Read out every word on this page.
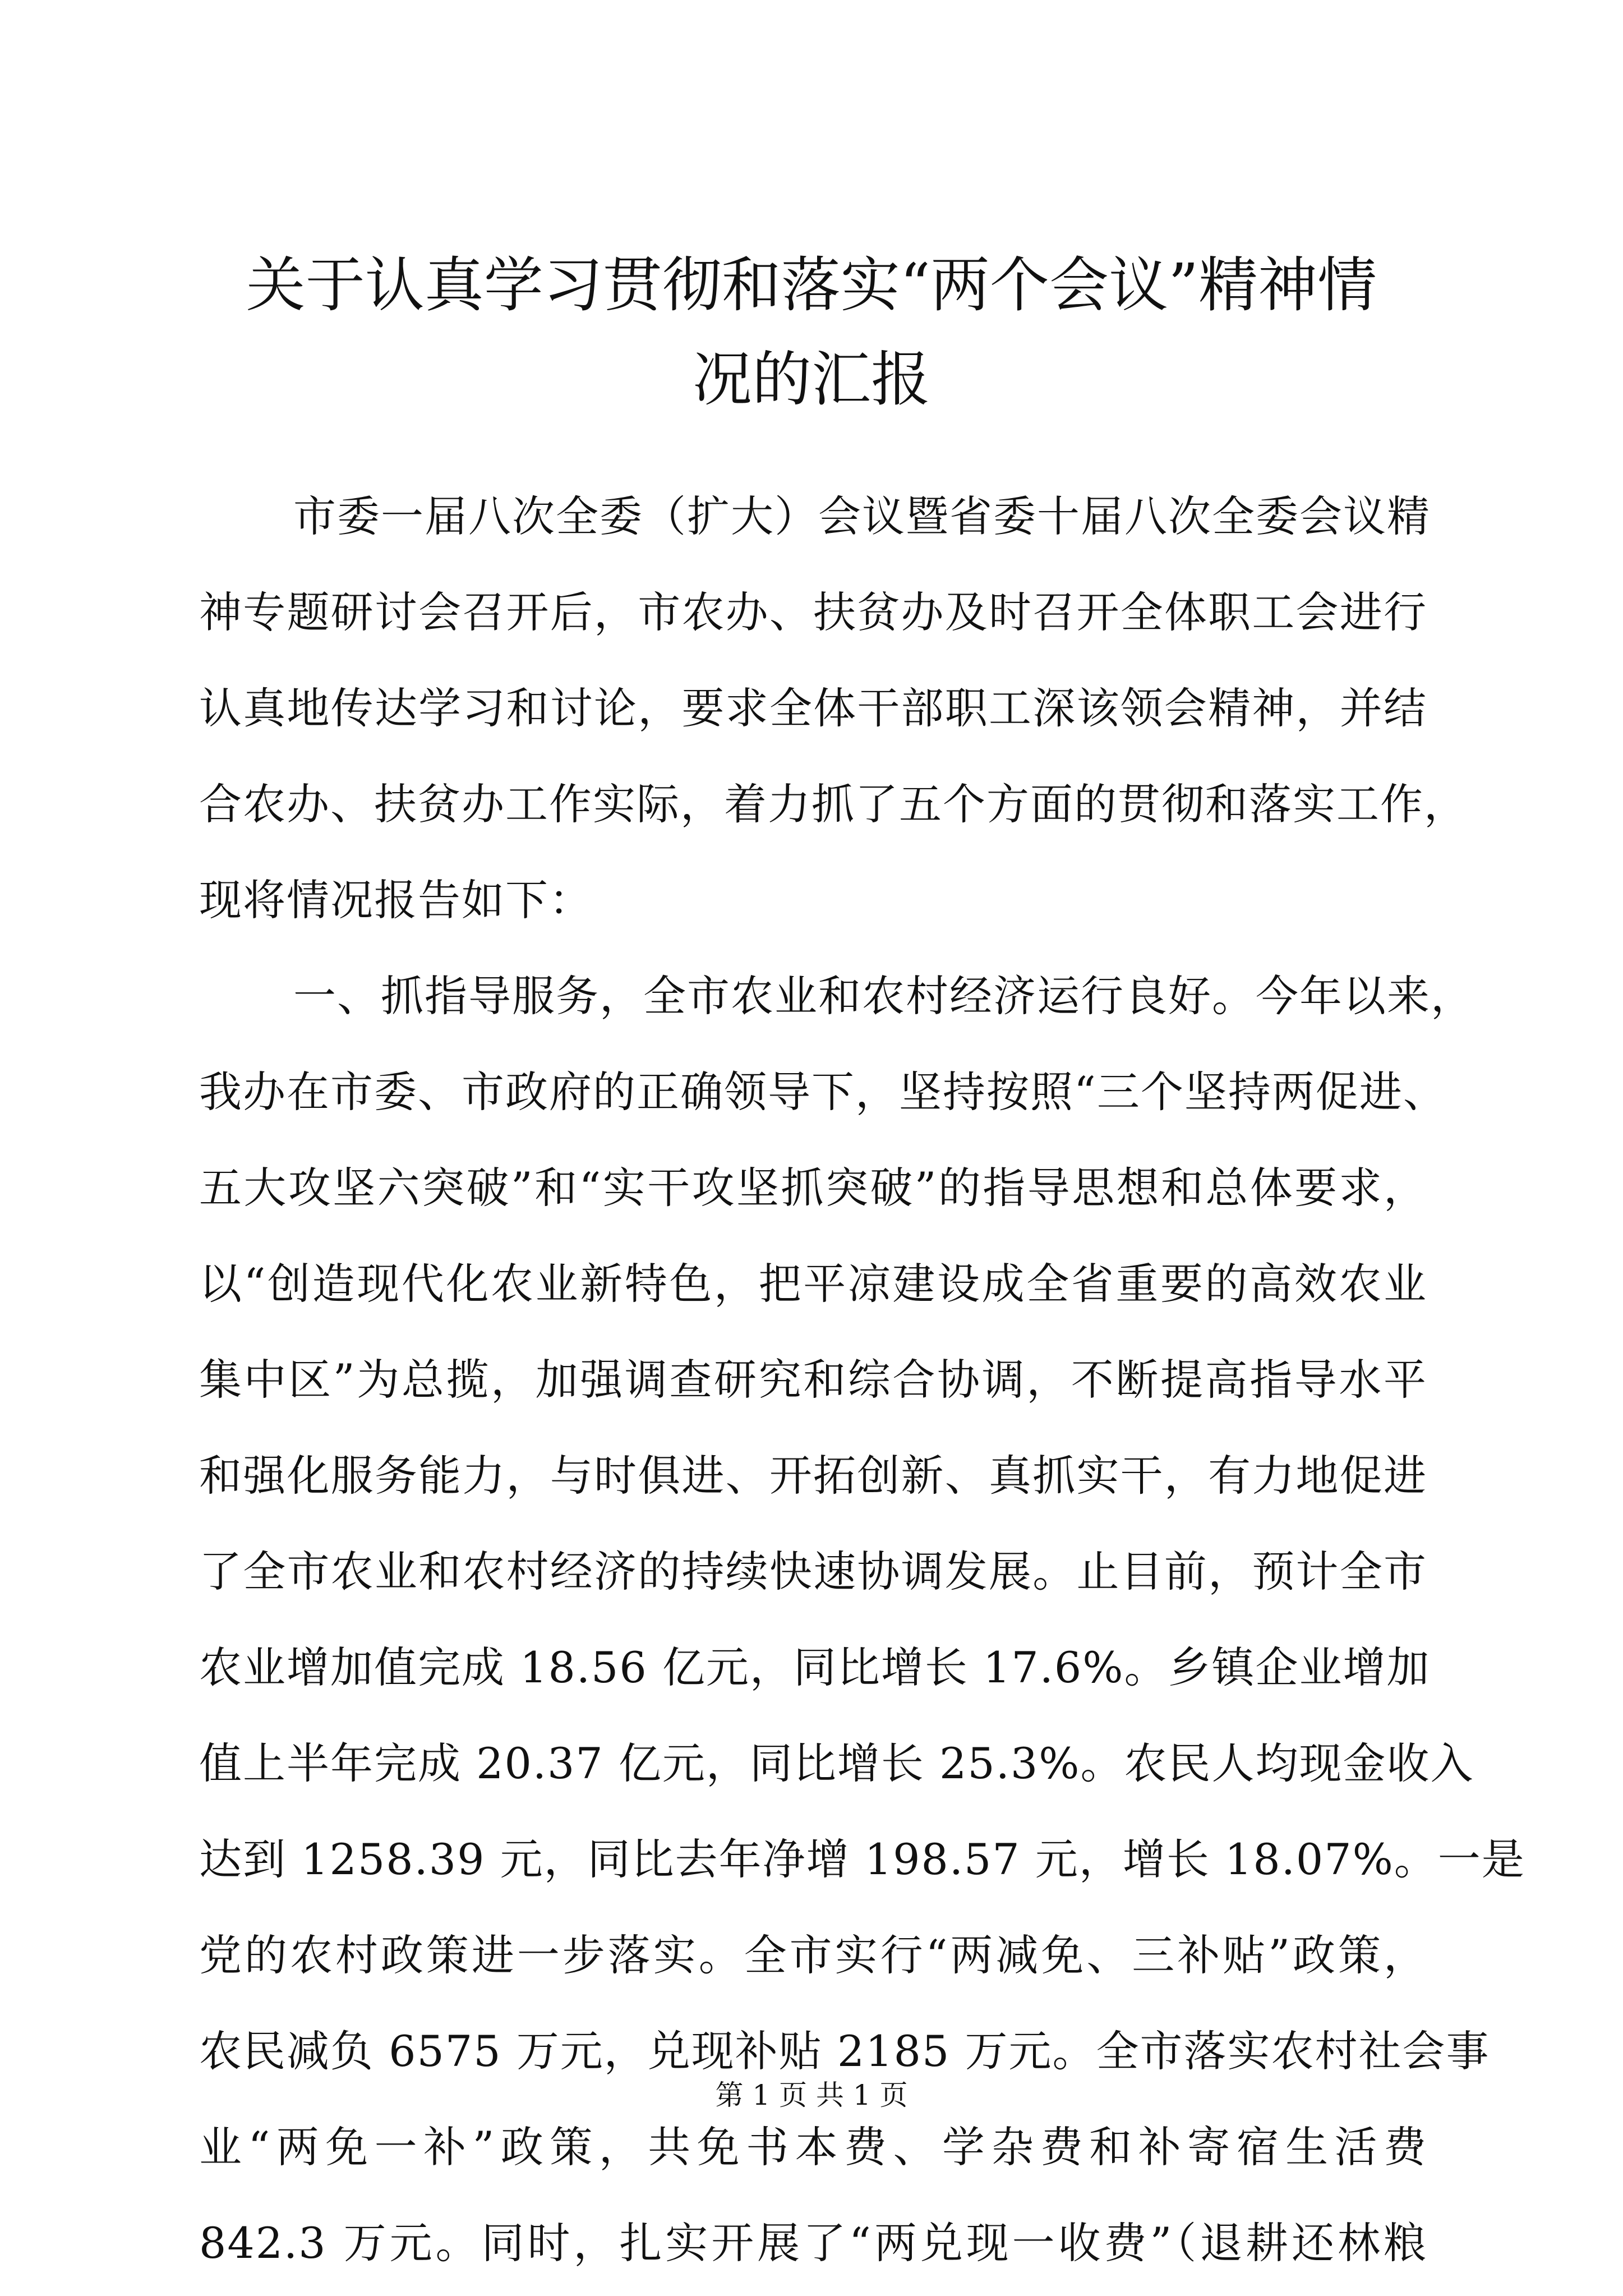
关于认真学习贯彻和落实“两个会议”精神情
况的汇报
市委一届八次全委（扩大）会议暨省委十届八次全委会议精
神专题研讨会召开后，市农办、扶贫办及时召开全体职工会进行
认真地传达学习和讨论，要求全体干部职工深该领会精神，并结
合农办、扶贫办工作实际，着力抓了五个方面的贯彻和落实工作，
现将情况报告如下：
一、抓指导服务，全市农业和农村经济运行良好。今年以来，
我办在市委、市政府的正确领导下，坚持按照“三个坚持两促进、
五大攻坚六突破”和“实干攻坚抓突破”的指导思想和总体要求，
以“创造现代化农业新特色，把平凉建设成全省重要的高效农业
集中区”为总揽，加强调查研究和综合协调，不断提高指导水平
和强化服务能力，与时俱进、开拓创新、真抓实干，有力地促进
了全市农业和农村经济的持续快速协调发展。止目前，预计全市
农业增加值完成 18.56 亿元，同比增长 17.6%。乡镇企业增加
值上半年完成 20.37 亿元，同比增长 25.3%。农民人均现金收入
达到 1258.39 元，同比去年净增 198.57 元，增长 18.07%。一是
党的农村政策进一步落实。全市实行“两减免、三补贴”政策，
农民减负 6575 万元，兑现补贴 2185 万元。全市落实农村社会事
业“两免一补”政策，共免书本费、学杂费和补寄宿生活费
842.3 万元。同时，扎实开展了“两兑现一收费”（退耕还林粮
第 1 页 共 1 页
